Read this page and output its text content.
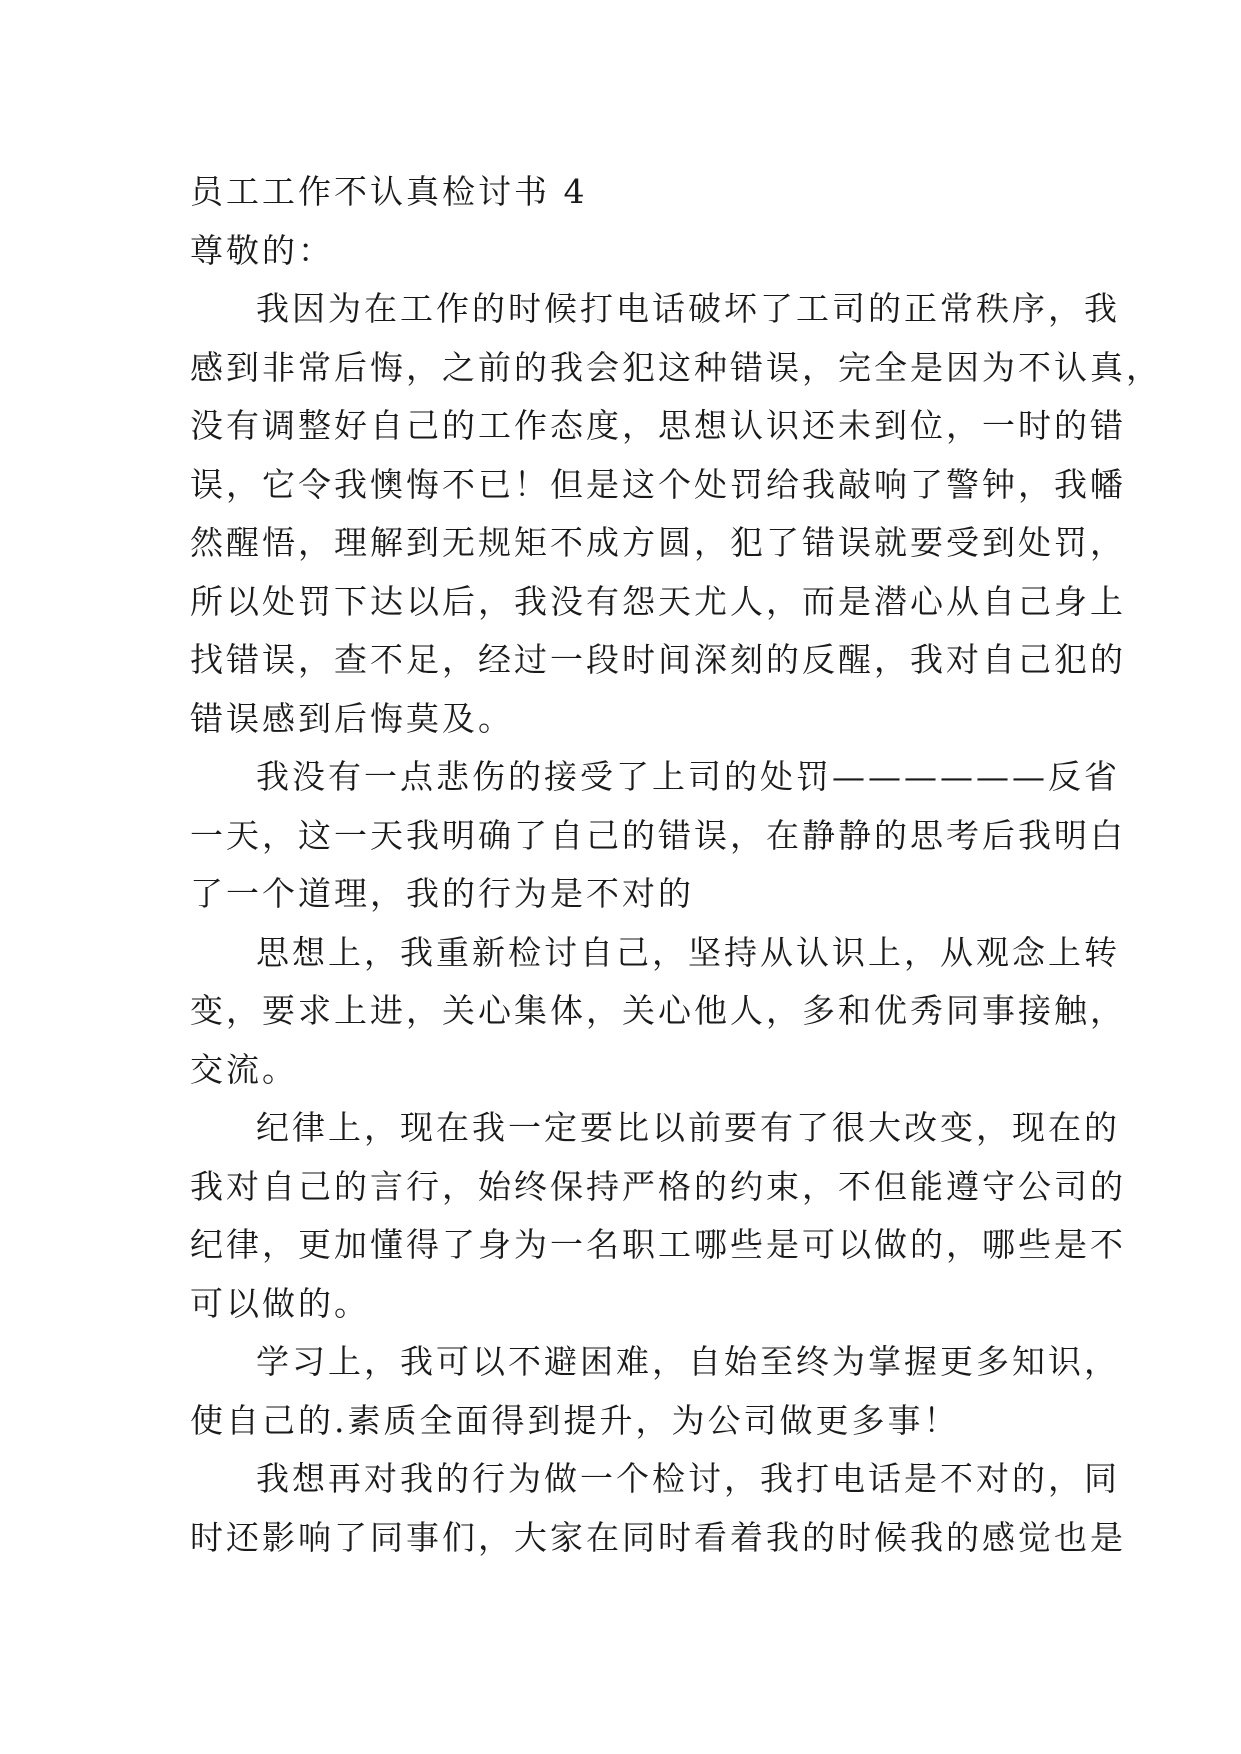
员工工作不认真检讨书 4
尊敬的：
我因为在工作的时候打电话破坏了工司的正常秩序，我
感到非常后悔，之前的我会犯这种错误，完全是因为不认真，
没有调整好自己的工作态度，思想认识还未到位，一时的错
误，它令我懊悔不已！但是这个处罚给我敲响了警钟，我幡
然醒悟，理解到无规矩不成方圆，犯了错误就要受到处罚，
所以处罚下达以后，我没有怨天尤人，而是潜心从自己身上
找错误，查不足，经过一段时间深刻的反醒，我对自己犯的
错误感到后悔莫及。
我没有一点悲伤的接受了上司的处罚——————反省
一天，这一天我明确了自己的错误，在静静的思考后我明白
了一个道理，我的行为是不对的
思想上，我重新检讨自己，坚持从认识上，从观念上转
变，要求上进，关心集体，关心他人，多和优秀同事接触，
交流。
纪律上，现在我一定要比以前要有了很大改变，现在的
我对自己的言行，始终保持严格的约束，不但能遵守公司的
纪律，更加懂得了身为一名职工哪些是可以做的，哪些是不
可以做的。
学习上，我可以不避困难，自始至终为掌握更多知识，
使自己的.素质全面得到提升，为公司做更多事！
我想再对我的行为做一个检讨，我打电话是不对的，同
时还影响了同事们，大家在同时看着我的时候我的感觉也是
